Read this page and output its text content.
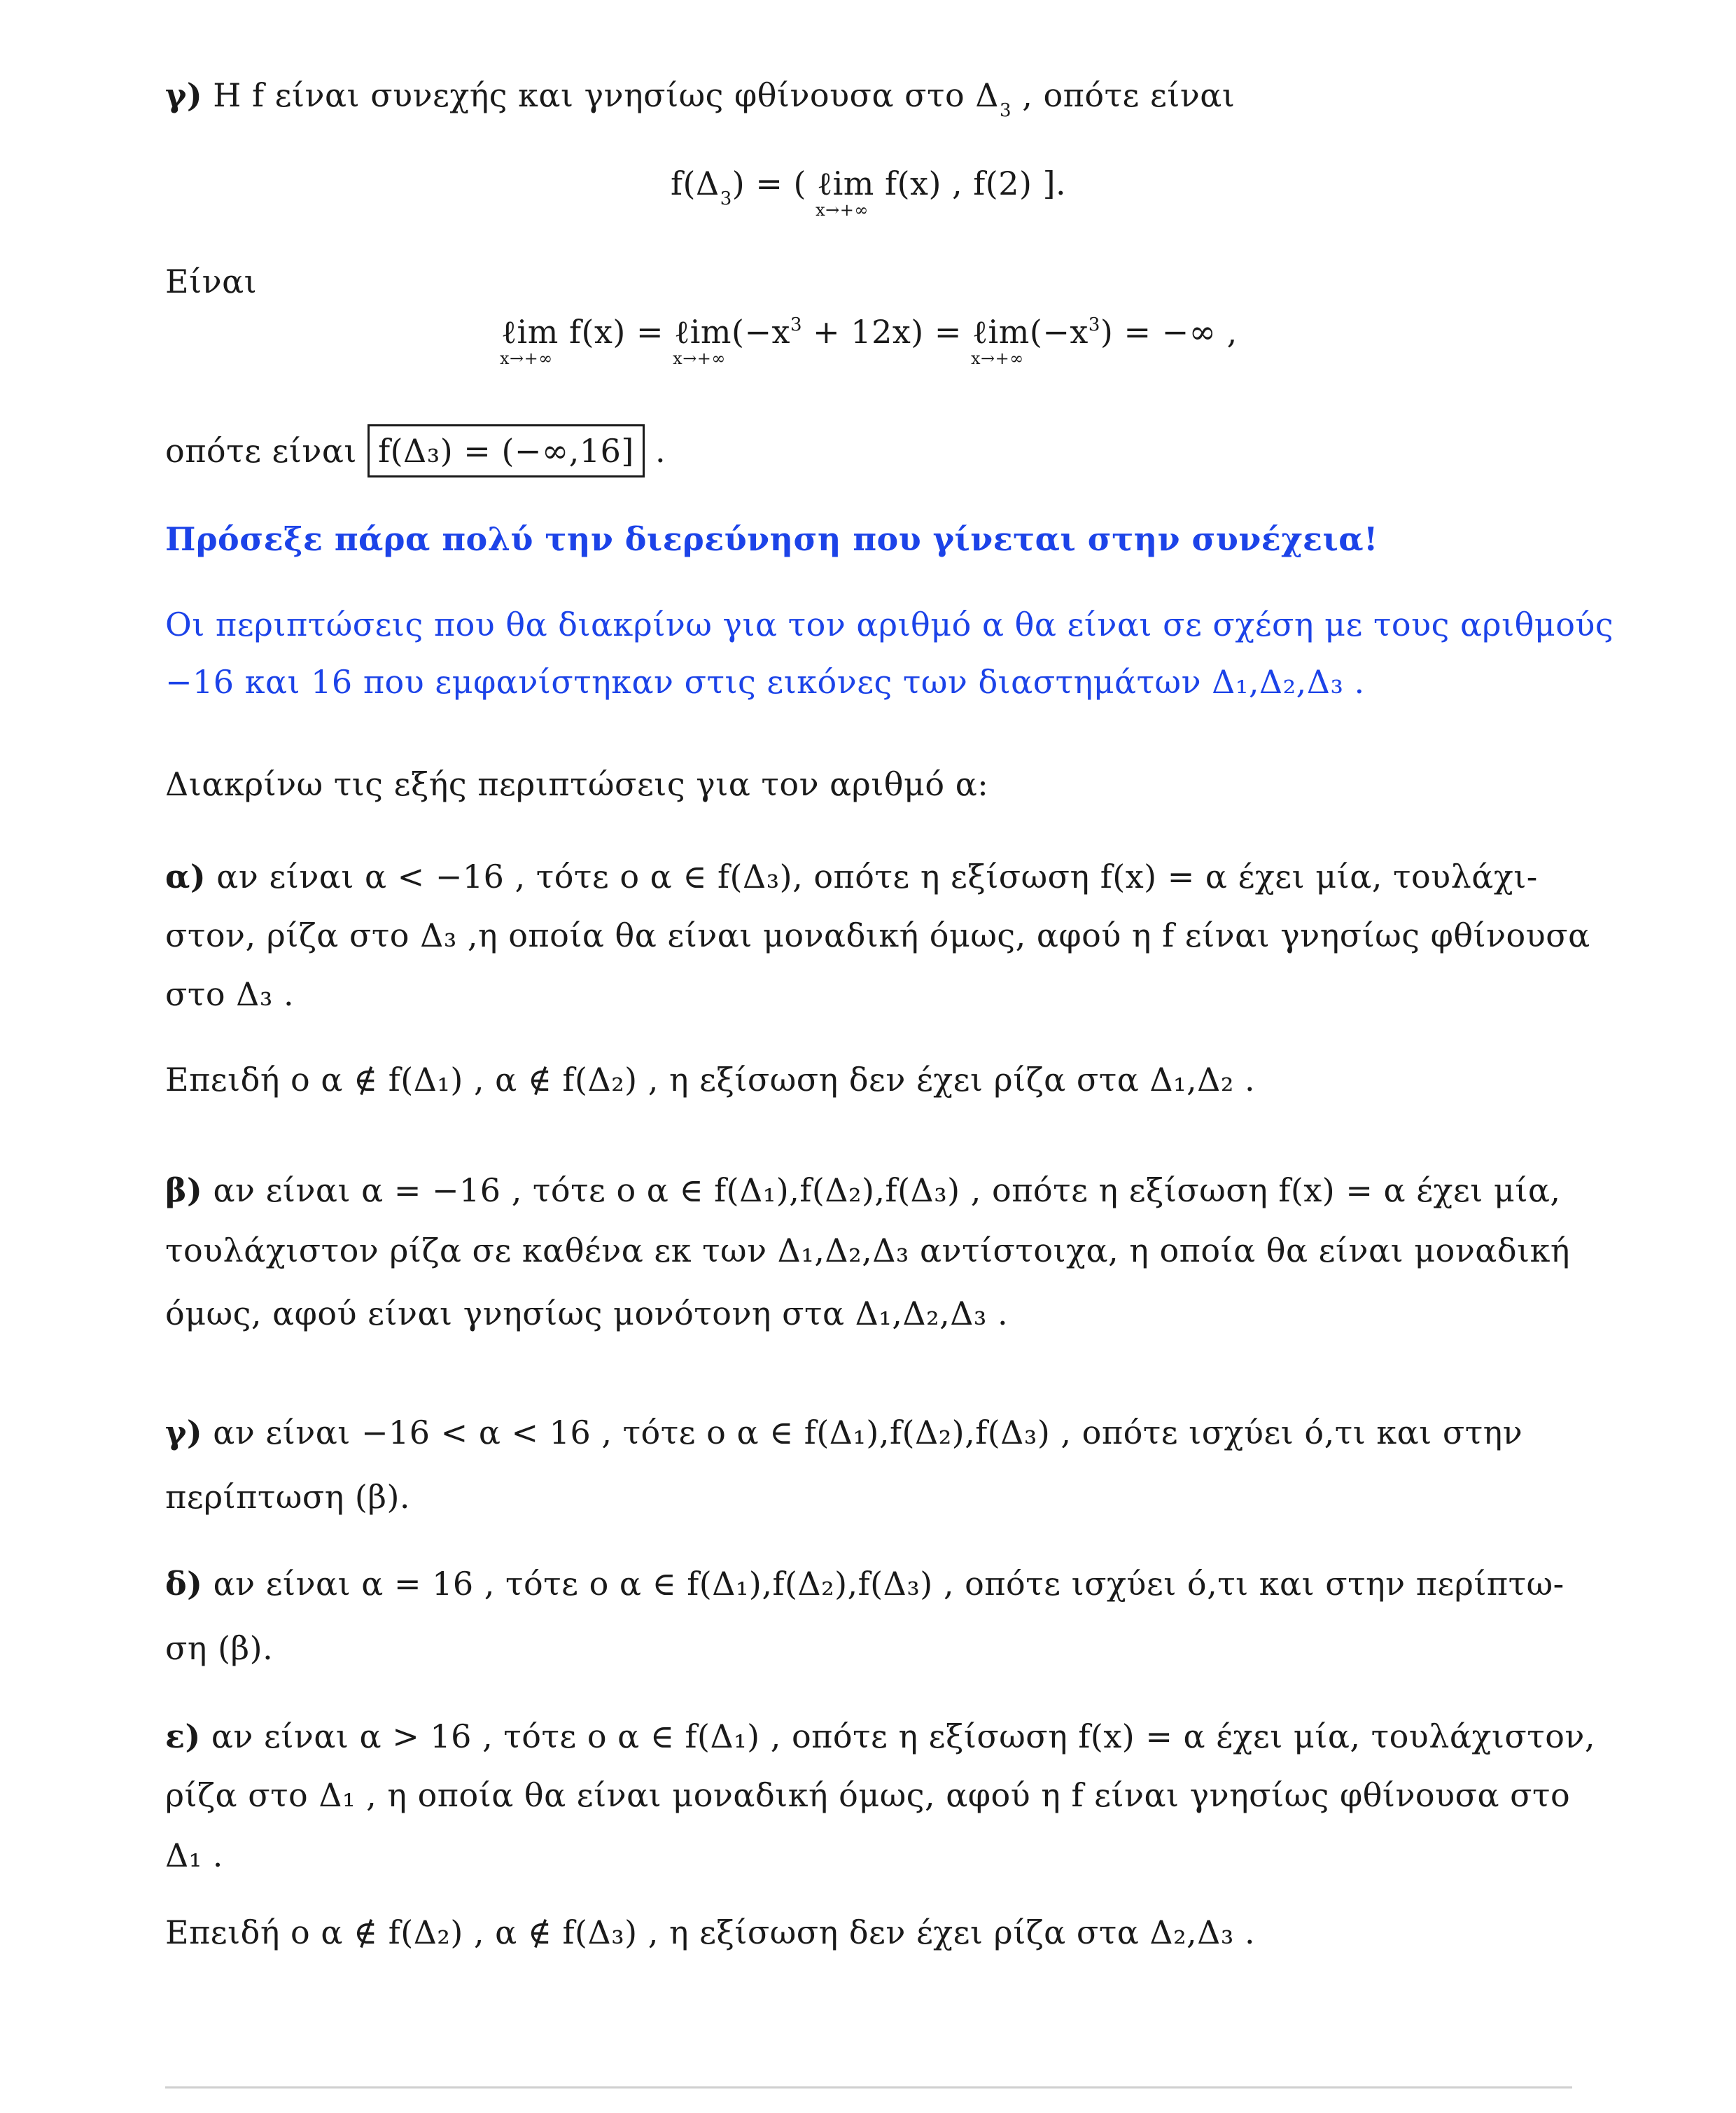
γ) Η f είναι συνεχής και γνησίως φθίνουσα στο $\Delta_3$ , οπότε είναι
$f(\Delta_3)$ = ( ℓim
x→+∞
f(x) , f(2) ].
Είναι
ℓim
x→+∞
f(x) = ℓim
x→+∞
$(-x^3 + 12x)$ = ℓim
x→+∞
$(-x^3)$ = −∞ ,
οπότε είναι f(Δ₃) = (−∞,16] .
Πρόσεξε πάρα πολύ την διερεύνηση που γίνεται στην συνέχεια!
Οι περιπτώσεις που θα διακρίνω για τον αριθμό α θα είναι σε σχέση με τους αριθμούς
−16 και 16 που εμφανίστηκαν στις εικόνες των διαστημάτων Δ₁,Δ₂,Δ₃ .
Διακρίνω τις εξής περιπτώσεις για τον αριθμό α:
α) αν είναι α < −16 , τότε ο α ∈ f(Δ₃), οπότε η εξίσωση f(x) = α έχει μία, τουλάχι-
στον, ρίζα στο Δ₃ ,η οποία θα είναι μοναδική όμως, αφού η f είναι γνησίως φθίνουσα
στο Δ₃ .
Επειδή ο α ∉ f(Δ₁) , α ∉ f(Δ₂) , η εξίσωση δεν έχει ρίζα στα Δ₁,Δ₂ .
β) αν είναι α = −16 , τότε ο α ∈ f(Δ₁),f(Δ₂),f(Δ₃) , οπότε η εξίσωση f(x) = α έχει μία,
τουλάχιστον ρίζα σε καθένα εκ των Δ₁,Δ₂,Δ₃ αντίστοιχα, η οποία θα είναι μοναδική
όμως, αφού είναι γνησίως μονότονη στα Δ₁,Δ₂,Δ₃ .
γ) αν είναι −16 < α < 16 , τότε ο α ∈ f(Δ₁),f(Δ₂),f(Δ₃) , οπότε ισχύει ό,τι και στην
περίπτωση (β).
δ) αν είναι α = 16 , τότε ο α ∈ f(Δ₁),f(Δ₂),f(Δ₃) , οπότε ισχύει ό,τι και στην περίπτω-
ση (β).
ε) αν είναι α > 16 , τότε ο α ∈ f(Δ₁) , οπότε η εξίσωση f(x) = α έχει μία, τουλάχιστον,
ρίζα στο Δ₁ , η οποία θα είναι μοναδική όμως, αφού η f είναι γνησίως φθίνουσα στο
Δ₁ .
Επειδή ο α ∉ f(Δ₂) , α ∉ f(Δ₃) , η εξίσωση δεν έχει ρίζα στα Δ₂,Δ₃ .
